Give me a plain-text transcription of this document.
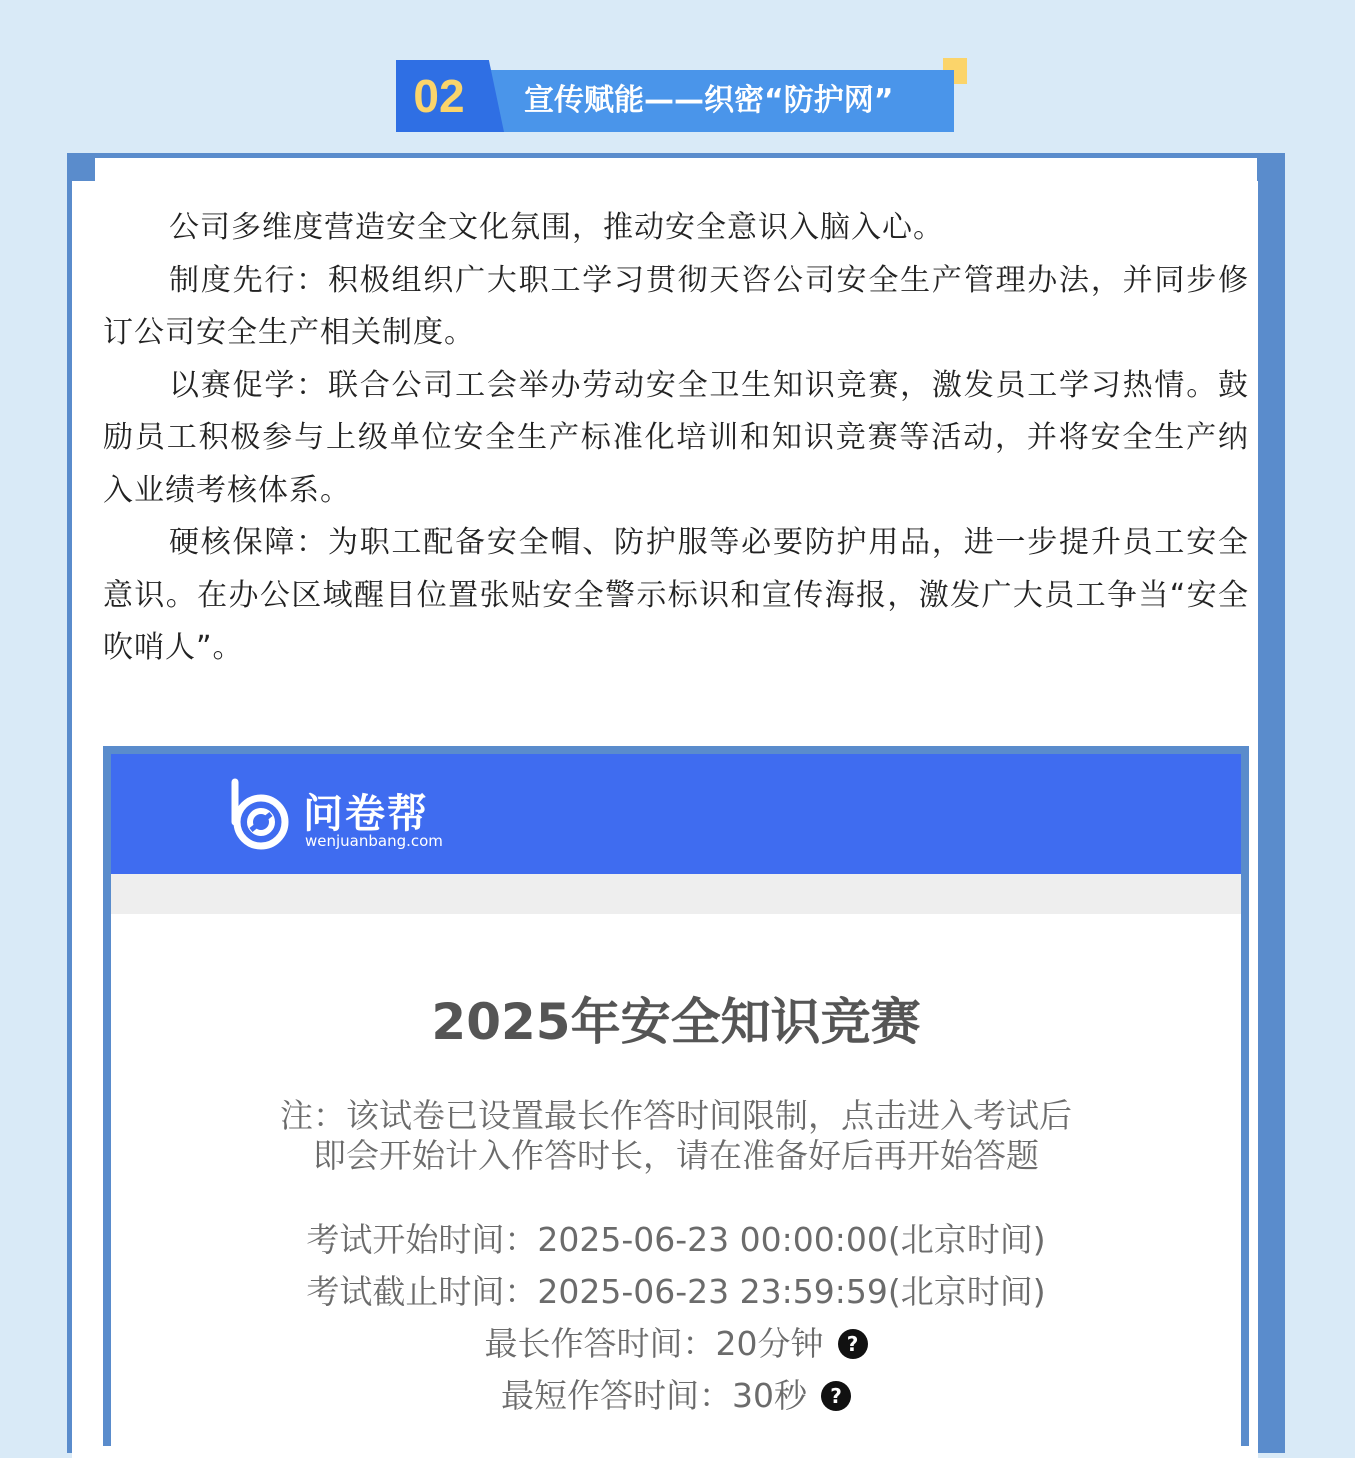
02	宣传赋能——织密“防护网”

公司多维度营造安全文化氛围，推动安全意识入脑入心。

制度先行：积极组织广大职工学习贯彻天咨公司安全生产管理办法，并同步修订公司安全生产相关制度。

以赛促学：联合公司工会举办劳动安全卫生知识竞赛，激发员工学习热情。鼓励员工积极参与上级单位安全生产标准化培训和知识竞赛等活动，并将安全生产纳入业绩考核体系。

硬核保障：为职工配备安全帽、防护服等必要防护用品，进一步提升员工安全意识。在办公区域醒目位置张贴安全警示标识和宣传海报，激发广大员工争当“安全吹哨人”。

问卷帮
wenjuanbang.com
2025年安全知识竞赛
注：该试卷已设置最长作答时间限制，点击进入考试后
即会开始计入作答时长，请在准备好后再开始答题
考试开始时间：2025-06-23 00:00:00(北京时间)
考试截止时间：2025-06-23 23:59:59(北京时间)
最长作答时间：20分钟 ?
最短作答时间：30秒 ?
